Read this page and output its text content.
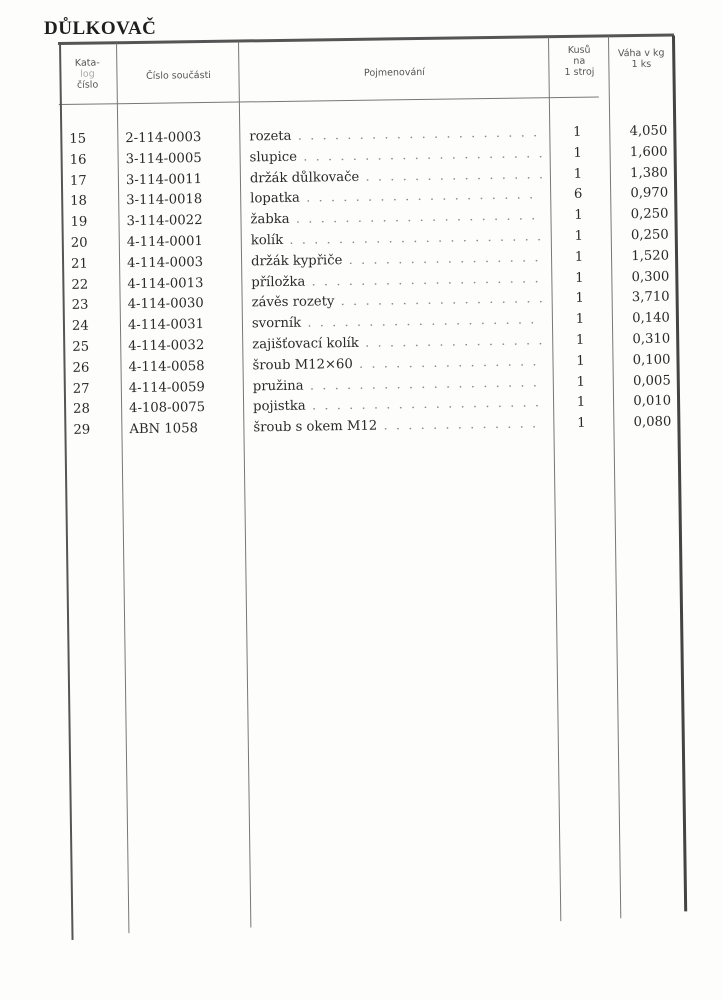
DŮLKOVAČ
Kata-
log
číslo
Číslo součásti	Pojmenování
Kusů
na
1 stroj
Váha v kg
1 ks
15	2-114-0003	rozeta . .	1	4,050
16	3-114-0005	slupice . .	1	1,600
17	3-114-0011	držák důlkovače . .	1	1,380
18	3-114-0018	lopatka . .	6	0,970
19	3-114-0022	žabka . .	1	0,250
20	4-114-0001	kolík . .	1	0,250
21	4-114-0003	držák kypřiče . .	1	1,520
22	4-114-0013	příložka . .	1	0,300
23	4-114-0030	závěs rozety . .	1	3,710
24	4-114-0031	svorník . .	1	0,140
25	4-114-0032	zajišťovací kolík . .	1	0,310
26	4-114-0058	šroub M12×60 . .	1	0,100
27	4-114-0059	pružina . .	1	0,005
28	4-108-0075	pojistka . .	1	0,010
29	ABN 1058	šroub s okem M12 . .	1	0,080
